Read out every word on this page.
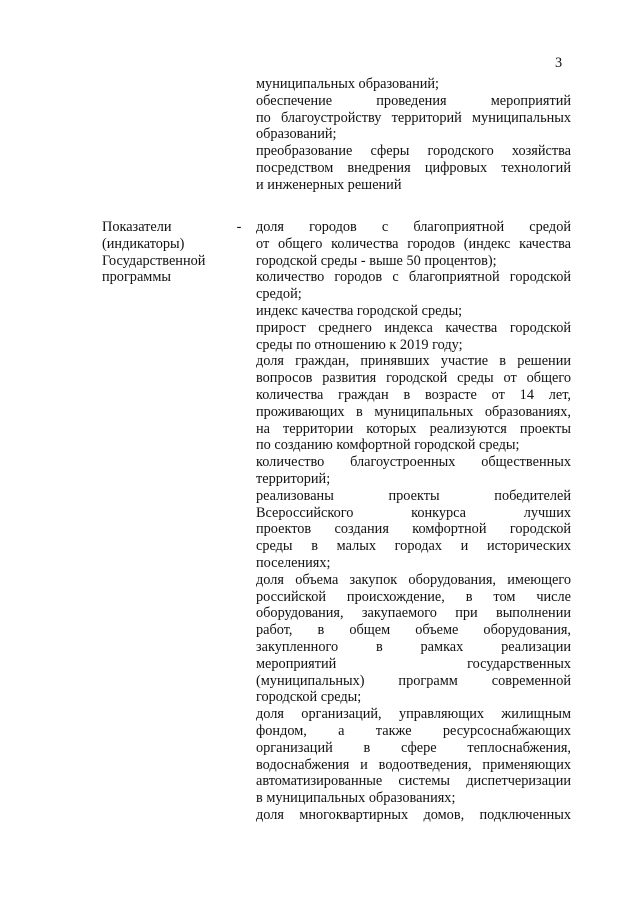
3
муниципальных образований;
обеспечение проведения мероприятий
по благоустройству территорий муниципальных
образований;
преобразование сферы городского хозяйства
посредством внедрения цифровых технологий
и инженерных решений
Показатели
(индикаторы)
Государственной
программы
- доля городов с благоприятной средой
от общего количества городов (индекс качества
городской среды - выше 50 процентов);
количество городов с благоприятной городской
средой;
индекс качества городской среды;
прирост среднего индекса качества городской
среды по отношению к 2019 году;
доля граждан, принявших участие в решении
вопросов развития городской среды от общего
количества граждан в возрасте от 14 лет,
проживающих в муниципальных образованиях,
на территории которых реализуются проекты
по созданию комфортной городской среды;
количество благоустроенных общественных
территорий;
реализованы проекты победителей
Всероссийского конкурса лучших
проектов создания комфортной городской
среды в малых городах и исторических
поселениях;
доля объема закупок оборудования, имеющего
российской происхождение, в том числе
оборудования, закупаемого при выполнении
работ, в общем объеме оборудования,
закупленного в рамках реализации
мероприятий государственных
(муниципальных) программ современной
городской среды;
доля организаций, управляющих жилищным
фондом, а также ресурсоснабжающих
организаций в сфере теплоснабжения,
водоснабжения и водоотведения, применяющих
автоматизированные системы диспетчеризации
в муниципальных образованиях;
доля многоквартирных домов, подключенных
